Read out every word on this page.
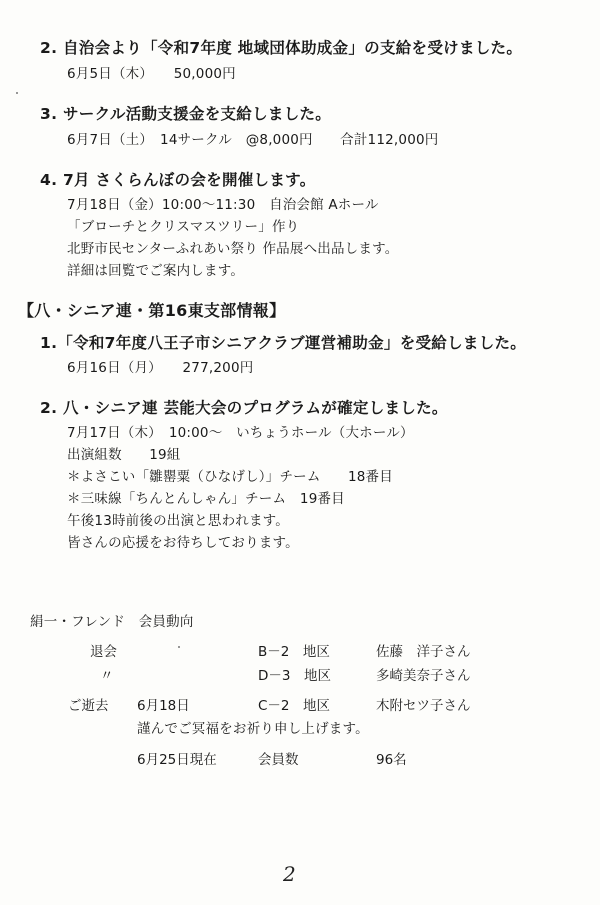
2. 自治会より「令和7年度 地域団体助成金」の支給を受けました。
6月5日（木）　　50,000円
3. サークル活動支援金を支給しました。
6月7日（土）　14サークル　@8,000円　　合計112,000円
4. 7月 さくらんぼの会を開催します。
7月18日（金）10:00～11:30　自治会館 Aホール
「ブローチとクリスマスツリー」作り
北野市民センターふれあい祭り 作品展へ出品します。
詳細は回覧でご案内します。
【八・シニア連・第16東支部情報】
1.「令和7年度八王子市シニアクラブ運営補助金」を受給しました。
6月16日（月）　　277,200円
2. 八・シニア連 芸能大会のプログラムが確定しました。
7月17日（木）　10:00～　いちょうホール（大ホール）
出演組数　　19組
＊よさこい「雛罌粟（ひなげし）」チーム　　18番目
＊三味線「ちんとんしゃん」チーム　19番目
午後13時前後の出演と思われます。
皆さんの応援をお待ちしております。
絹一・フレンド　会員動向
退会	B－2　地区	佐藤　洋子さん
〃	D－3　地区	多崎美奈子さん
ご逝去 6月18日	C－2　地区	木附セツ子さん
謹んでご冥福をお祈り申し上げます。
6月25日現在	会員数	96名
2
